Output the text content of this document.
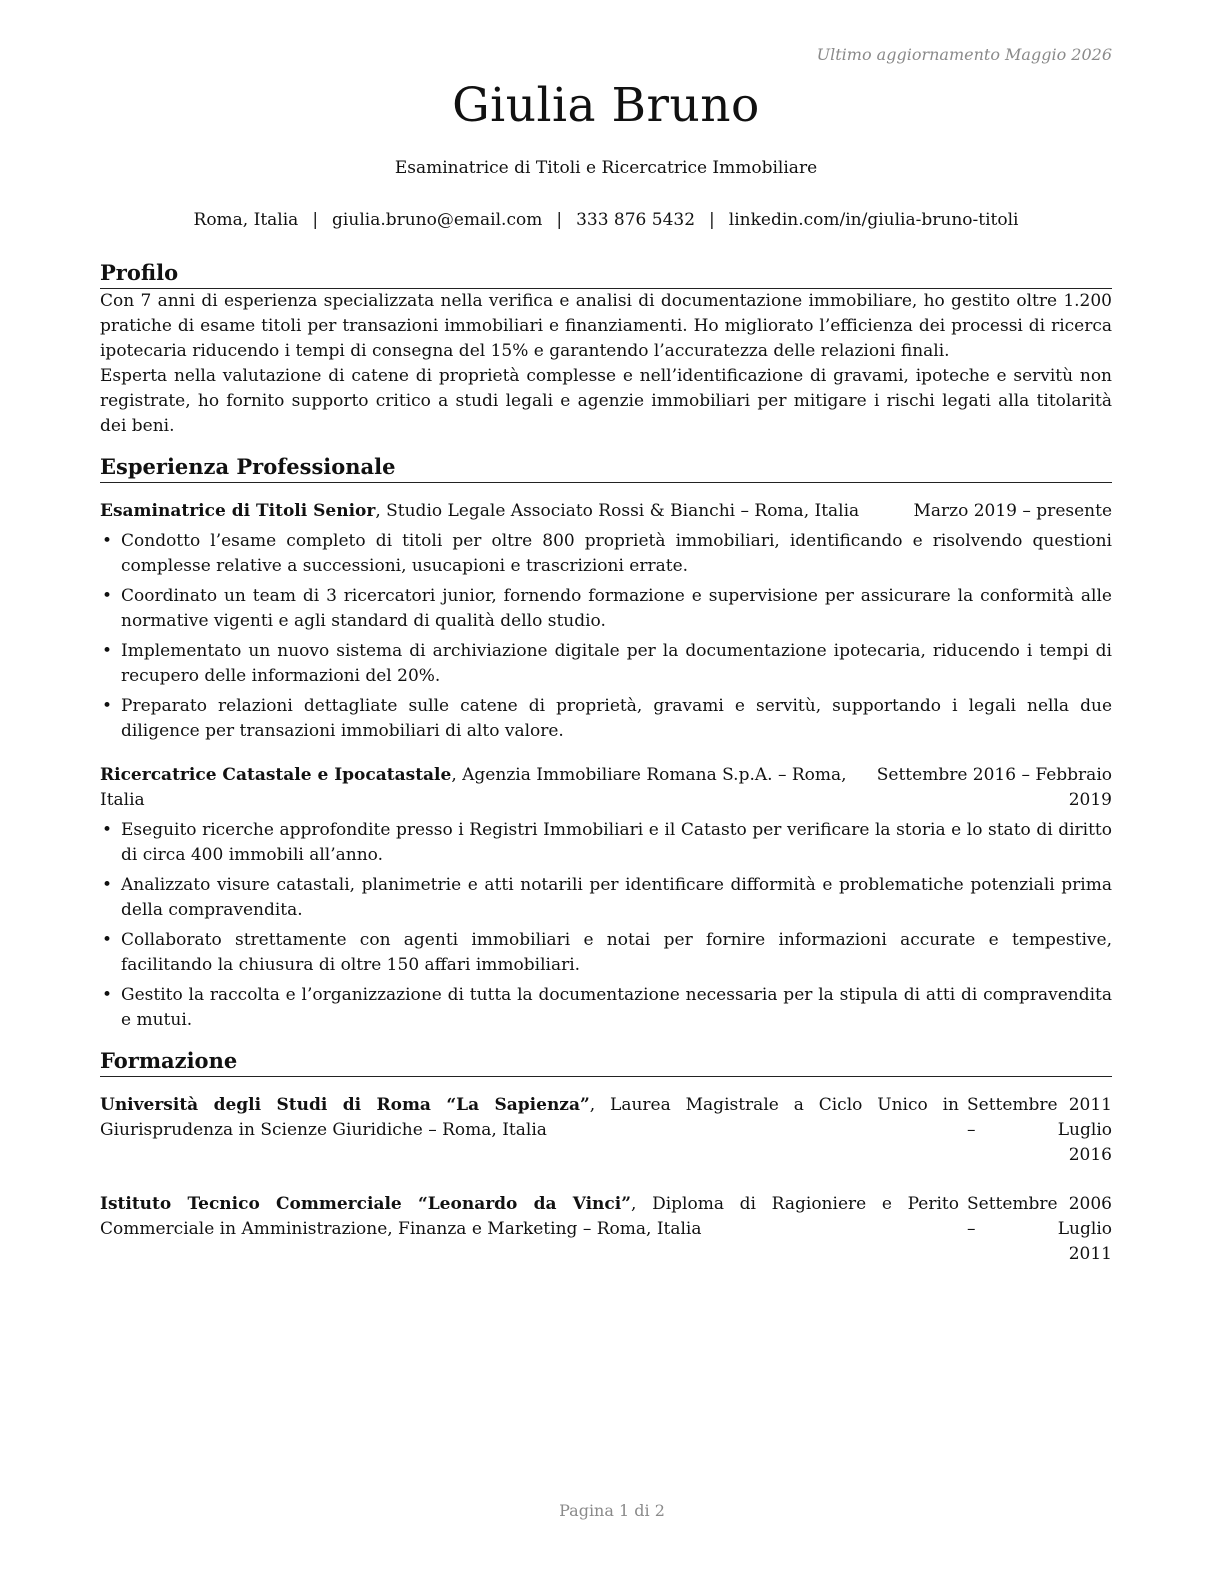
Ultimo aggiornamento Maggio 2026
Giulia Bruno
Esaminatrice di Titoli e Ricercatrice Immobiliare
Roma, Italia | giulia.bruno@email.com | 333 876 5432 | linkedin.com/in/giulia-bruno-titoli
Profilo

Con 7 anni di esperienza specializzata nella verifica e analisi di documentazione immobiliare, ho gestito oltre 1.200 pratiche di esame titoli per transazioni immobiliari e finanziamenti. Ho migliorato l’efficienza dei processi di ricerca ipotecaria riducendo i tempi di consegna del 15% e garantendo l’accuratezza delle relazioni finali.

Esperta nella valutazione di catene di proprietà complesse e nell’identificazione di gravami, ipoteche e servitù non registrate, ho fornito supporto critico a studi legali e agenzie immobiliari per mitigare i rischi legati alla titolarità dei beni.

Esperienza Professionale
Esaminatrice di Titoli Senior, Studio Legale Associato Rossi & Bianchi – Roma, Italia	Marzo 2019 – presente
• Condotto l’esame completo di titoli per oltre 800 proprietà immobiliari, identificando e risolvendo questioni complesse relative a successioni, usucapioni e trascrizioni errate.
• Coordinato un team di 3 ricercatori junior, fornendo formazione e supervisione per assicurare la conformità alle normative vigenti e agli standard di qualità dello studio.
• Implementato un nuovo sistema di archiviazione digitale per la documentazione ipotecaria, riducendo i tempi di recupero delle informazioni del 20%.
• Preparato relazioni dettagliate sulle catene di proprietà, gravami e servitù, supportando i legali nella due diligence per transazioni immobiliari di alto valore.
Ricercatrice Catastale e Ipocatastale, Agenzia Immobiliare Romana S.p.A. – Roma, Italia
Settembre 2016 – Febbraio
2019
• Eseguito ricerche approfondite presso i Registri Immobiliari e il Catasto per verificare la storia e lo stato di diritto di circa 400 immobili all’anno.
• Analizzato visure catastali, planimetrie e atti notarili per identificare difformità e problematiche potenziali prima della compravendita.
• Collaborato strettamente con agenti immobiliari e notai per fornire informazioni accurate e tempestive, facilitando la chiusura di oltre 150 affari immobiliari.
• Gestito la raccolta e l’organizzazione di tutta la documentazione necessaria per la stipula di atti di compravendita e mutui.
Formazione
Università degli Studi di Roma “La Sapienza”, Laurea Magistrale a Ciclo Unico in Giurisprudenza in Scienze Giuridiche – Roma, Italia
Settembre 2011 – Luglio
2016
Istituto Tecnico Commerciale “Leonardo da Vinci”, Diploma di Ragioniere e Perito Commerciale in Amministrazione, Finanza e Marketing – Roma, Italia
Settembre 2006 – Luglio
2011
Pagina 1 di 2
